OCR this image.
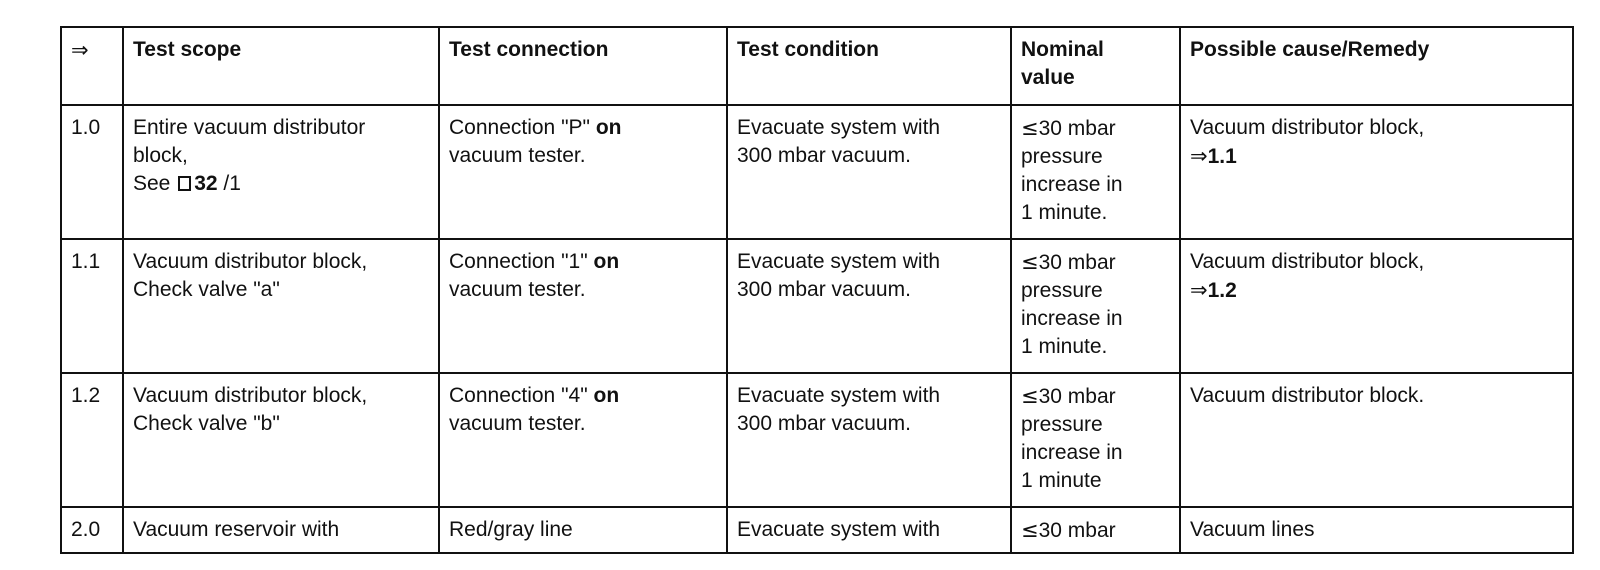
⇒	Test scope	Test connection	Test condition	Nominal
value	Possible cause/Remedy
1.0	Entire vacuum distributor
block,
See 32 /1	Connection "P" on
vacuum tester.	Evacuate system with
300 mbar vacuum.	≤30 mbar
pressure
increase in
1 minute.	Vacuum distributor block,
⇒1.1

1.1	Vacuum distributor block,
Check valve "a"	Connection "1" on
vacuum tester.	Evacuate system with
300 mbar vacuum.	≤30 mbar
pressure
increase in
1 minute.	Vacuum distributor block,
⇒1.2

1.2	Vacuum distributor block,
Check valve "b"	Connection "4" on
vacuum tester.	Evacuate system with
300 mbar vacuum.	≤30 mbar
pressure
increase in
1 minute	Vacuum distributor block.

2.0	Vacuum reservoir with	Red/gray line	Evacuate system with	≤30 mbar	Vacuum lines
